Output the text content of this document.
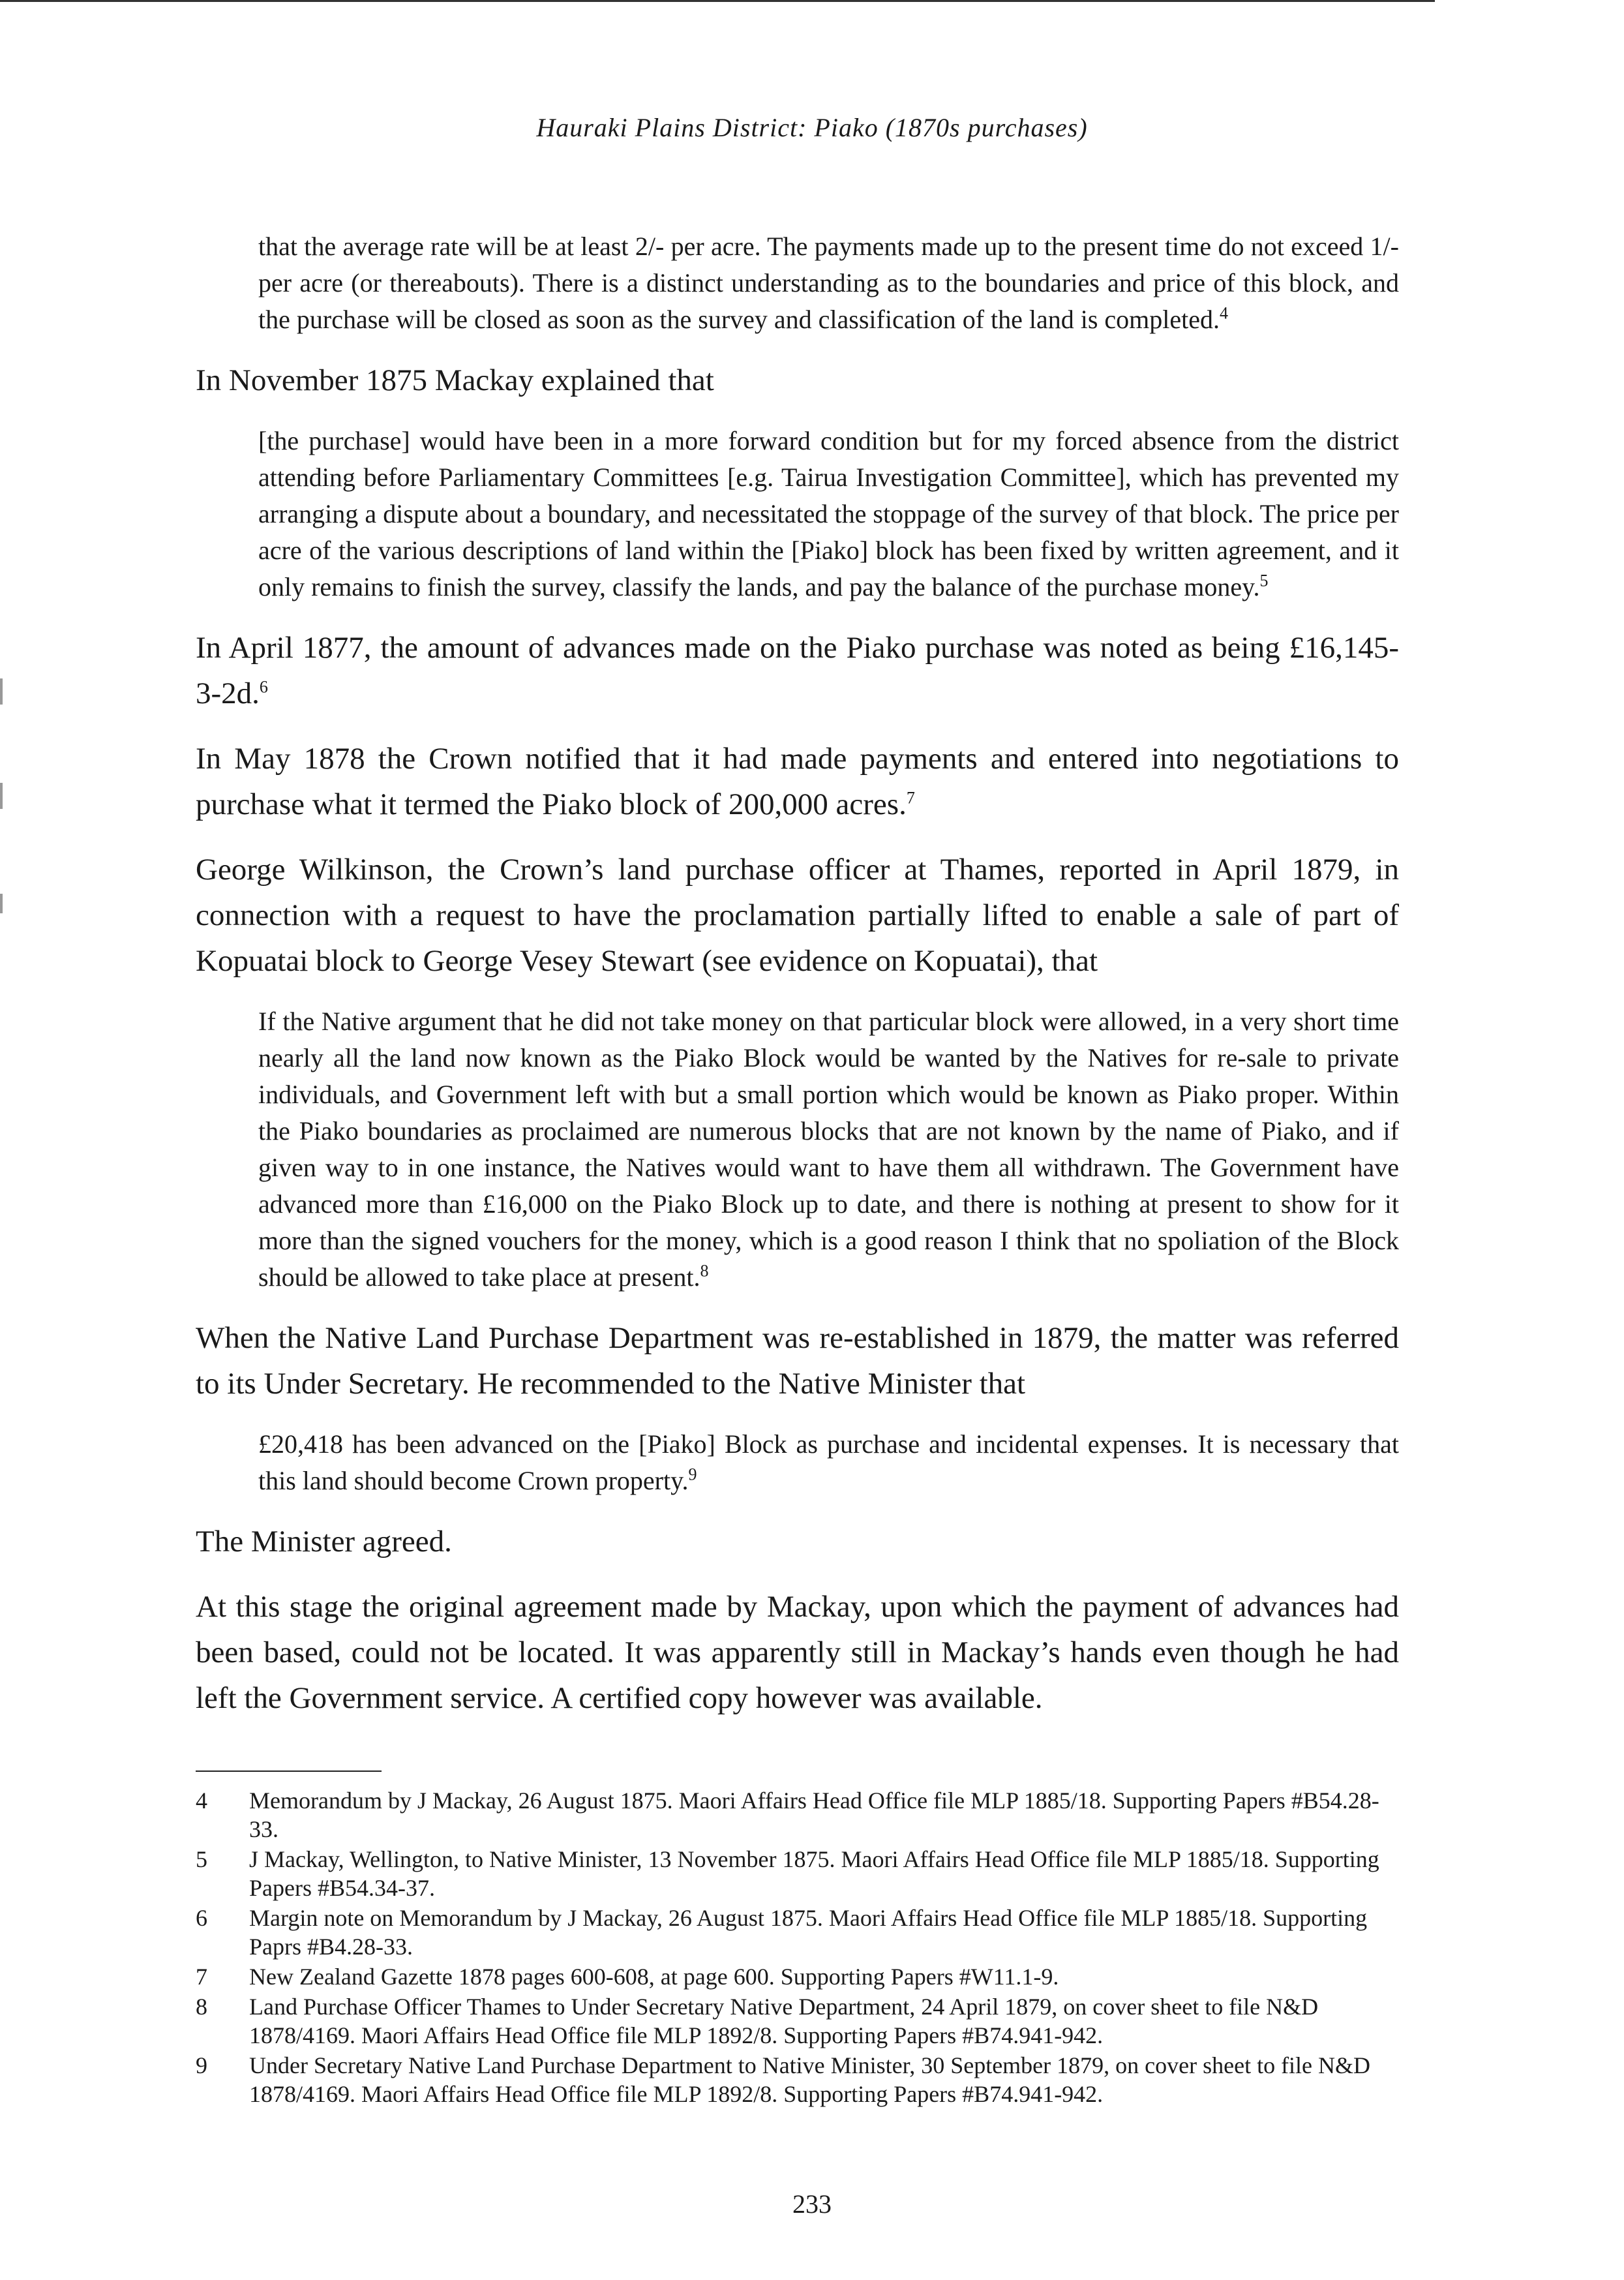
Hauraki Plains District: Piako (1870s purchases)

that the average rate will be at least 2/- per acre. The payments made up to the present time do not exceed 1/- per acre (or thereabouts). There is a distinct understanding as to the boundaries and price of this block, and the purchase will be closed as soon as the survey and classification of the land is completed.$^4$

In November 1875 Mackay explained that

[the purchase] would have been in a more forward condition but for my forced absence from the district attending before Parliamentary Committees [e.g. Tairua Investigation Committee], which has prevented my arranging a dispute about a boundary, and necessitated the stoppage of the survey of that block. The price per acre of the various descriptions of land within the [Piako] block has been fixed by written agreement, and it only remains to finish the survey, classify the lands, and pay the balance of the purchase money.$^5$

In April 1877, the amount of advances made on the Piako purchase was noted as being £16,145-3-2d.$^6$

In May 1878 the Crown notified that it had made payments and entered into negotiations to purchase what it termed the Piako block of 200,000 acres.$^7$

George Wilkinson, the Crown’s land purchase officer at Thames, reported in April 1879, in connection with a request to have the proclamation partially lifted to enable a sale of part of Kopuatai block to George Vesey Stewart (see evidence on Kopuatai), that

If the Native argument that he did not take money on that particular block were allowed, in a very short time nearly all the land now known as the Piako Block would be wanted by the Natives for re-sale to private individuals, and Government left with but a small portion which would be known as Piako proper. Within the Piako boundaries as proclaimed are numerous blocks that are not known by the name of Piako, and if given way to in one instance, the Natives would want to have them all withdrawn. The Government have advanced more than £16,000 on the Piako Block up to date, and there is nothing at present to show for it more than the signed vouchers for the money, which is a good reason I think that no spoliation of the Block should be allowed to take place at present.$^8$

When the Native Land Purchase Department was re-established in 1879, the matter was referred to its Under Secretary. He recommended to the Native Minister that

£20,418 has been advanced on the [Piako] Block as purchase and incidental expenses. It is necessary that this land should become Crown property.$^9$

The Minister agreed.

At this stage the original agreement made by Mackay, upon which the payment of advances had been based, could not be located. It was apparently still in Mackay’s hands even though he had left the Government service. A certified copy however was available.

4	Memorandum by J Mackay, 26 August 1875. Maori Affairs Head Office file MLP 1885/18. Supporting Papers #B54.28-33.
5	J Mackay, Wellington, to Native Minister, 13 November 1875. Maori Affairs Head Office file MLP 1885/18. Supporting Papers #B54.34-37.
6	Margin note on Memorandum by J Mackay, 26 August 1875. Maori Affairs Head Office file MLP 1885/18. Supporting Paprs #B4.28-33.
7	New Zealand Gazette 1878 pages 600-608, at page 600. Supporting Papers #W11.1-9.
8	Land Purchase Officer Thames to Under Secretary Native Department, 24 April 1879, on cover sheet to file N&D 1878/4169. Maori Affairs Head Office file MLP 1892/8. Supporting Papers #B74.941-942.
9	Under Secretary Native Land Purchase Department to Native Minister, 30 September 1879, on cover sheet to file N&D 1878/4169. Maori Affairs Head Office file MLP 1892/8. Supporting Papers #B74.941-942.
233
